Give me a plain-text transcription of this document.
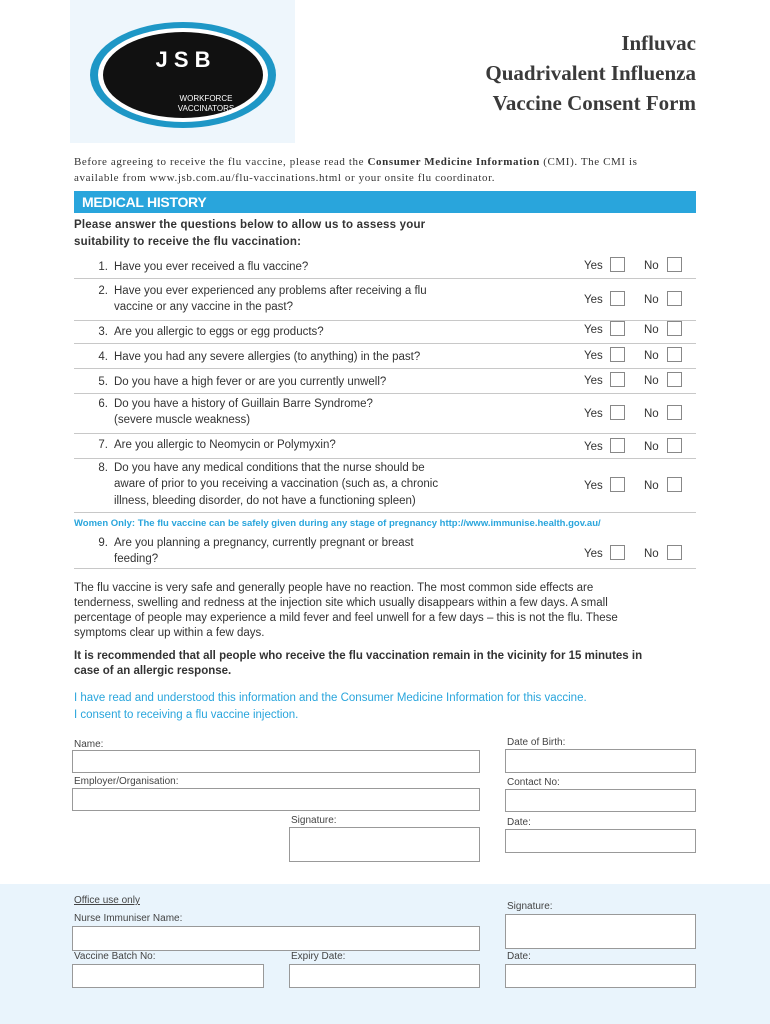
J S B
WORKFORCE
VACCINATORS
Influvac
Quadrivalent Influenza
Vaccine Consent Form
Before agreeing to receive the flu vaccine, please read the Consumer Medicine Information (CMI). The CMI is
available from www.jsb.com.au/flu-vaccinations.html or your onsite flu coordinator.
MEDICAL HISTORY
Please answer the questions below to allow us to assess your
suitability to receive the flu vaccination:
1. Have you ever received a flu vaccine?	Yes	No
2. Have you ever experienced any problems after receiving a flu
vaccine or any vaccine in the past?
Yes	No
3. Are you allergic to eggs or egg products?	Yes	No
4. Have you had any severe allergies (to anything) in the past?	Yes	No
5. Do you have a high fever or are you currently unwell?	Yes	No
6. Do you have a history of Guillain Barre Syndrome?
(severe muscle weakness)	Yes	No
7. Are you allergic to Neomycin or Polymyxin?	Yes	No
8. Do you have any medical conditions that the nurse should be
aware of prior to you receiving a vaccination (such as, a chronic
illness, bleeding disorder, do not have a functioning spleen)
Yes	No
Women Only: The flu vaccine can be safely given during any stage of pregnancy http://www.immunise.health.gov.au/
9. Are you planning a pregnancy, currently pregnant or breast
feeding?	Yes	No
The flu vaccine is very safe and generally people have no reaction. The most common side effects are
tenderness, swelling and redness at the injection site which usually disappears within a few days. A small
percentage of people may experience a mild fever and feel unwell for a few days – this is not the flu. These
symptoms clear up within a few days.
It is recommended that all people who receive the flu vaccination remain in the vicinity for 15 minutes in
case of an allergic response.
I have read and understood this information and the Consumer Medicine Information for this vaccine.
I consent to receiving a flu vaccine injection.
Name:	Date of Birth:
Employer/Organisation:	Contact No:
Signature:	Date:
Office use only
Nurse Immuniser Name:
Signature:
Vaccine Batch No:	Expiry Date:	Date:
